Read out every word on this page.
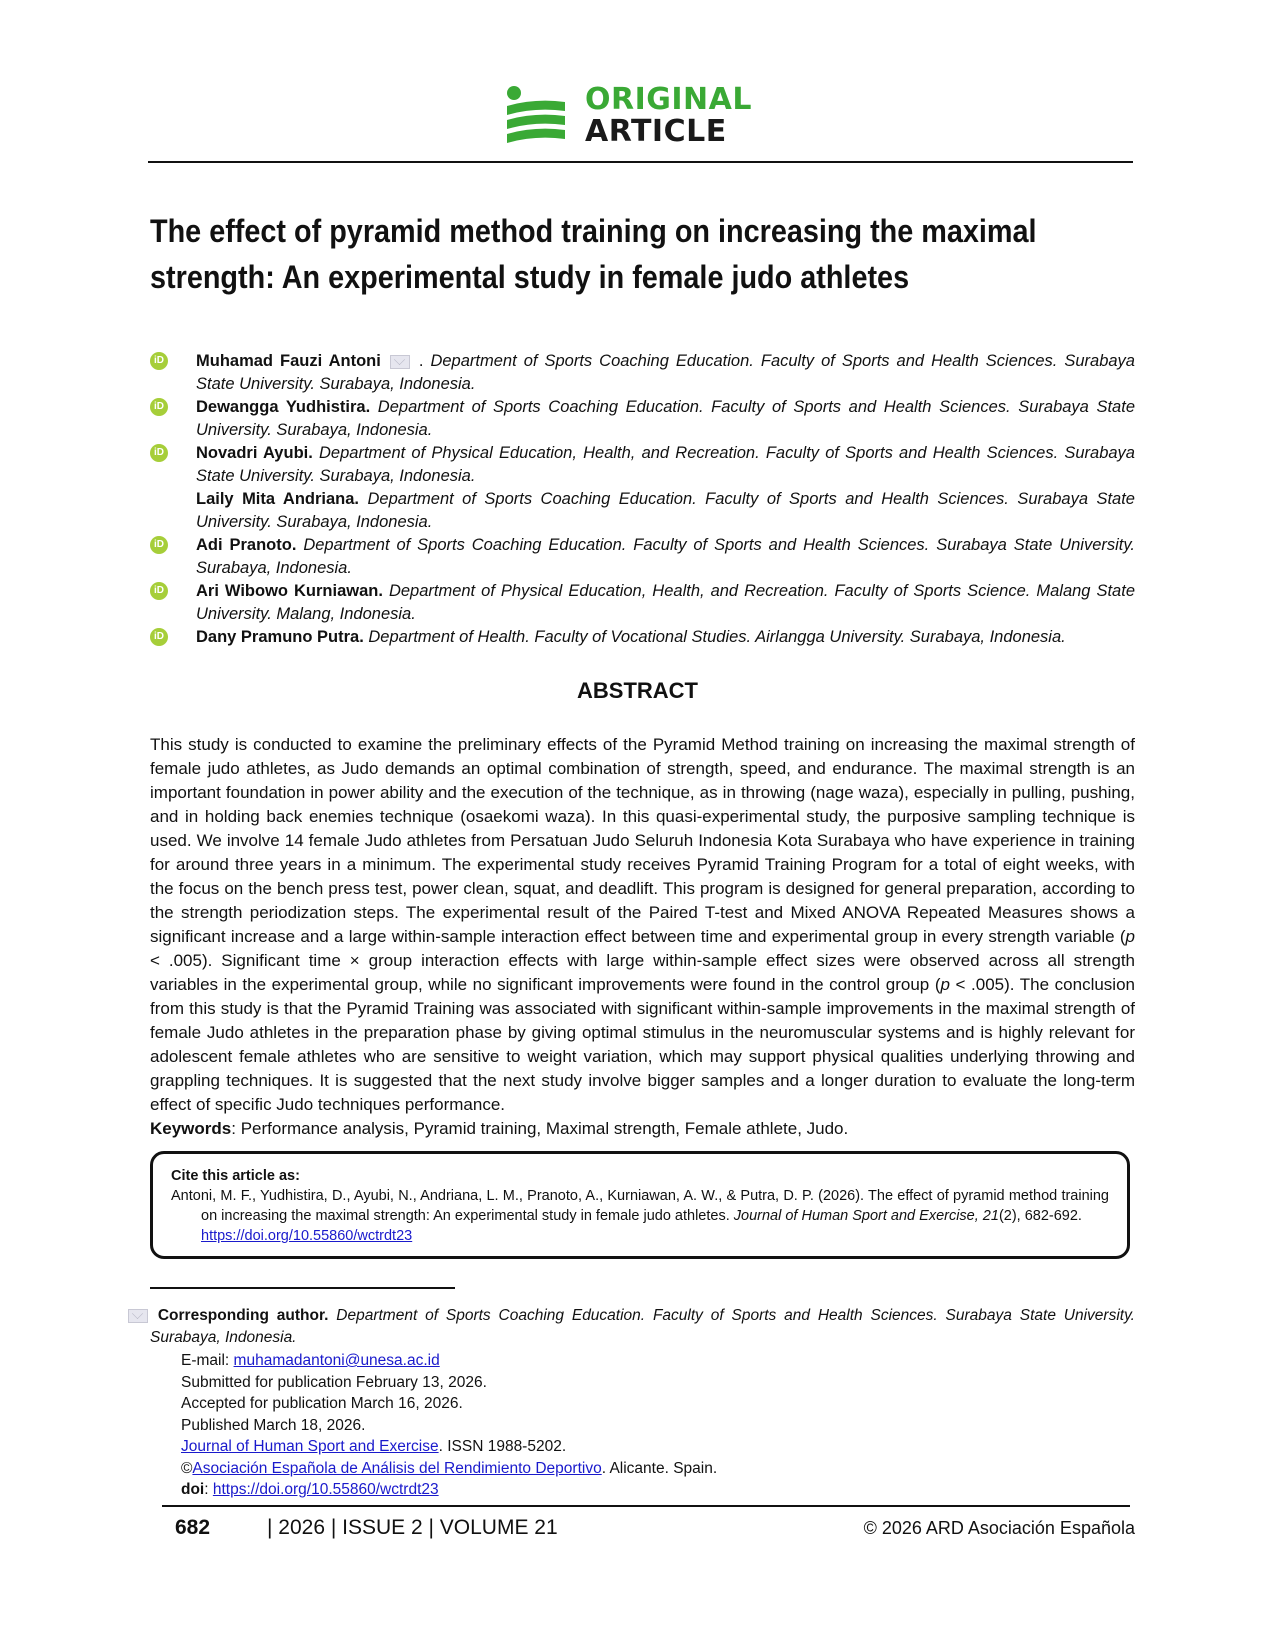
ORIGINAL
ARTICLE
The effect of pyramid method training on increasing the maximal strength: An experimental study in female judo athletes
iD Muhamad Fauzi Antoni . Department of Sports Coaching Education. Faculty of Sports and Health Sciences. Surabaya State University. Surabaya, Indonesia.
iD Dewangga Yudhistira. Department of Sports Coaching Education. Faculty of Sports and Health Sciences. Surabaya State University. Surabaya, Indonesia.
iD Novadri Ayubi. Department of Physical Education, Health, and Recreation. Faculty of Sports and Health Sciences. Surabaya State University. Surabaya, Indonesia.
Laily Mita Andriana. Department of Sports Coaching Education. Faculty of Sports and Health Sciences. Surabaya State University. Surabaya, Indonesia.
iD Adi Pranoto. Department of Sports Coaching Education. Faculty of Sports and Health Sciences. Surabaya State University. Surabaya, Indonesia.
iD Ari Wibowo Kurniawan. Department of Physical Education, Health, and Recreation. Faculty of Sports Science. Malang State University. Malang, Indonesia.
iD Dany Pramuno Putra. Department of Health. Faculty of Vocational Studies. Airlangga University. Surabaya, Indonesia.
ABSTRACT
This study is conducted to examine the preliminary effects of the Pyramid Method training on increasing the maximal strength of female judo athletes, as Judo demands an optimal combination of strength, speed, and endurance. The maximal strength is an important foundation in power ability and the execution of the technique, as in throwing (nage waza), especially in pulling, pushing, and in holding back enemies technique (osaekomi waza). In this quasi-experimental study, the purposive sampling technique is used. We involve 14 female Judo athletes from Persatuan Judo Seluruh Indonesia Kota Surabaya who have experience in training for around three years in a minimum. The experimental study receives Pyramid Training Program for a total of eight weeks, with the focus on the bench press test, power clean, squat, and deadlift. This program is designed for general preparation, according to the strength periodization steps. The experimental result of the Paired T-test and Mixed ANOVA Repeated Measures shows a significant increase and a large within-sample interaction effect between time and experimental group in every strength variable (p < .005). Significant time × group interaction effects with large within-sample effect sizes were observed across all strength variables in the experimental group, while no significant improvements were found in the control group (p < .005). The conclusion from this study is that the Pyramid Training was associated with significant within-sample improvements in the maximal strength of female Judo athletes in the preparation phase by giving optimal stimulus in the neuromuscular systems and is highly relevant for adolescent female athletes who are sensitive to weight variation, which may support physical qualities underlying throwing and grappling techniques. It is suggested that the next study involve bigger samples and a longer duration to evaluate the long-term effect of specific Judo techniques performance.
Keywords: Performance analysis, Pyramid training, Maximal strength, Female athlete, Judo.
Cite this article as:
Antoni, M. F., Yudhistira, D., Ayubi, N., Andriana, L. M., Pranoto, A., Kurniawan, A. W., & Putra, D. P. (2026). The effect of pyramid method training on increasing the maximal strength: An experimental study in female judo athletes. Journal of Human Sport and Exercise, 21(2), 682-692.
https://doi.org/10.55860/wctrdt23
Corresponding author. Department of Sports Coaching Education. Faculty of Sports and Health Sciences. Surabaya State University. Surabaya, Indonesia.
E-mail: muhamadantoni@unesa.ac.id
Submitted for publication February 13, 2026.
Accepted for publication March 16, 2026.
Published March 18, 2026.
Journal of Human Sport and Exercise. ISSN 1988-5202.
©Asociación Española de Análisis del Rendimiento Deportivo. Alicante. Spain.
doi: https://doi.org/10.55860/wctrdt23
682	| 2026 | ISSUE 2 | VOLUME 21	© 2026 ARD Asociación Española
